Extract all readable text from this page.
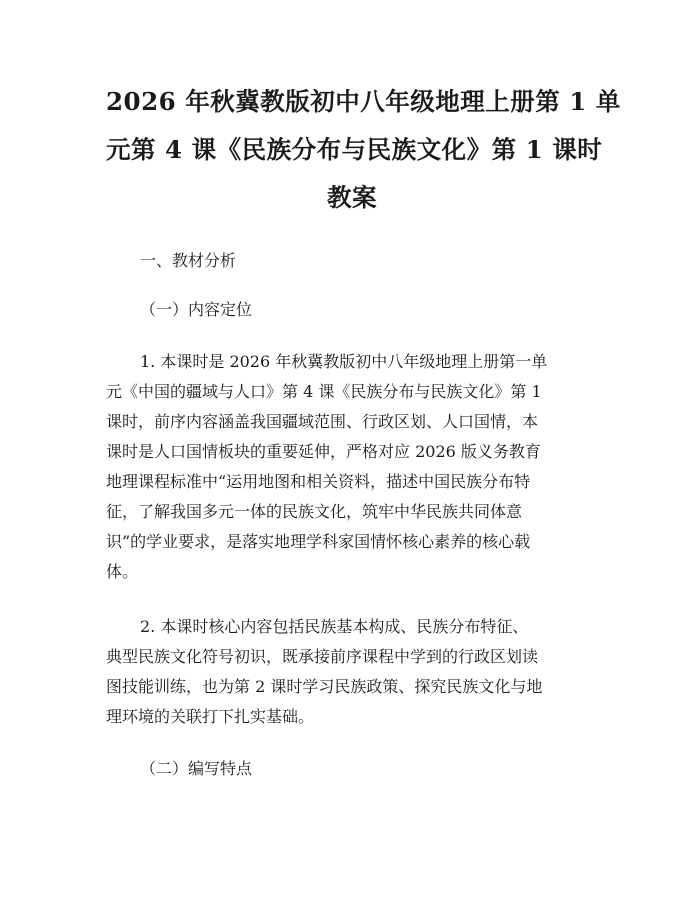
2026 年秋冀教版初中八年级地理上册第 1 单
元第 4 课《民族分布与民族文化》第 1 课时
教案

一、教材分析

（一）内容定位

1. 本课时是 2026 年秋冀教版初中八年级地理上册第一单
元《中国的疆域与人口》第 4 课《民族分布与民族文化》第 1
课时，前序内容涵盖我国疆域范围、行政区划、人口国情，本
课时是人口国情板块的重要延伸，严格对应 2026 版义务教育
地理课程标准中“运用地图和相关资料，描述中国民族分布特
征，了解我国多元一体的民族文化，筑牢中华民族共同体意
识”的学业要求，是落实地理学科家国情怀核心素养的核心载
体。

2. 本课时核心内容包括民族基本构成、民族分布特征、
典型民族文化符号初识，既承接前序课程中学到的行政区划读
图技能训练，也为第 2 课时学习民族政策、探究民族文化与地
理环境的关联打下扎实基础。

（二）编写特点
